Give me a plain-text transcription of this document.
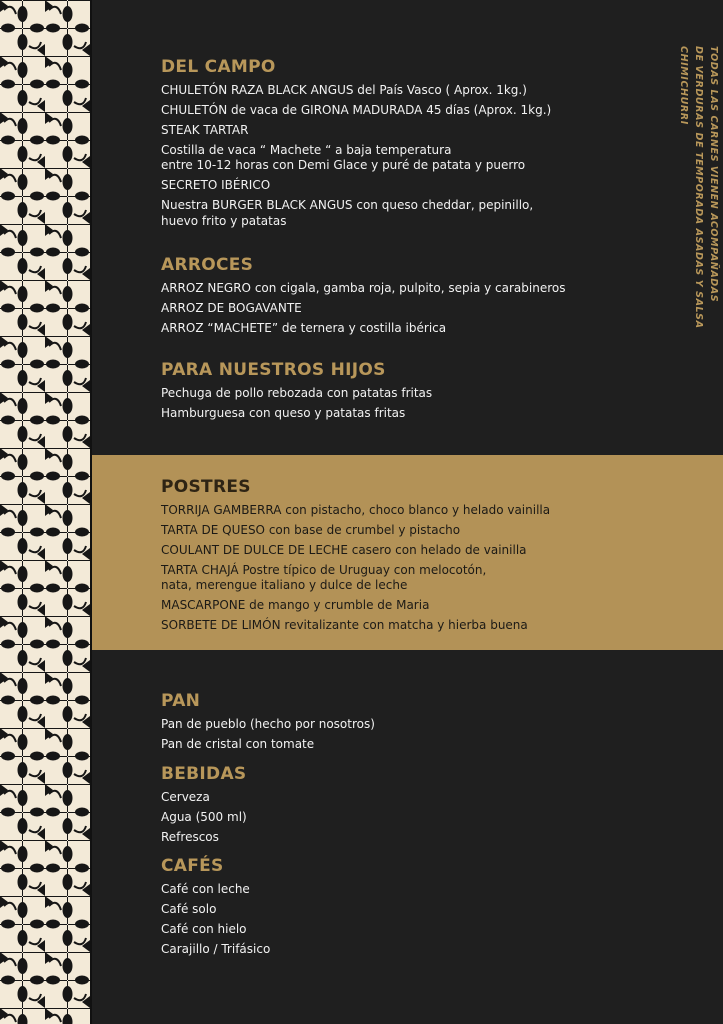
TODAS LAS CARNES VIENEN ACOMPAÑADAS
DE VERDURAS DE TEMPORADA ASADAS Y SALSA CHIMICHURRI
DEL CAMPO
CHULETÓN RAZA BLACK ANGUS del País Vasco ( Aprox. 1kg.)
CHULETÓN de vaca de GIRONA MADURADA 45 días (Aprox. 1kg.)
STEAK TARTAR
Costilla de vaca “ Machete “ a baja temperatura
entre 10-12 horas con Demi Glace y puré de patata y puerro
SECRETO IBÉRICO
Nuestra BURGER BLACK ANGUS con queso cheddar, pepinillo,
huevo frito y patatas
ARROCES
ARROZ NEGRO con cigala, gamba roja, pulpito, sepia y carabineros
ARROZ DE BOGAVANTE
ARROZ “MACHETE” de ternera y costilla ibérica
PARA NUESTROS HIJOS
Pechuga de pollo rebozada con patatas fritas
Hamburguesa con queso y patatas fritas
POSTRES
TORRIJA GAMBERRA con pistacho, choco blanco y helado vainilla
TARTA DE QUESO con base de crumbel y pistacho
COULANT DE DULCE DE LECHE casero con helado de vainilla
TARTA CHAJÁ Postre típico de Uruguay con melocotón,
nata, merengue italiano y dulce de leche
MASCARPONE de mango y crumble de Maria
SORBETE DE LIMÓN revitalizante con matcha y hierba buena
PAN
Pan de pueblo (hecho por nosotros)
Pan de cristal con tomate
BEBIDAS
Cerveza
Agua (500 ml)
Refrescos
CAFÉS
Café con leche
Café solo
Café con hielo
Carajillo / Trifásico
